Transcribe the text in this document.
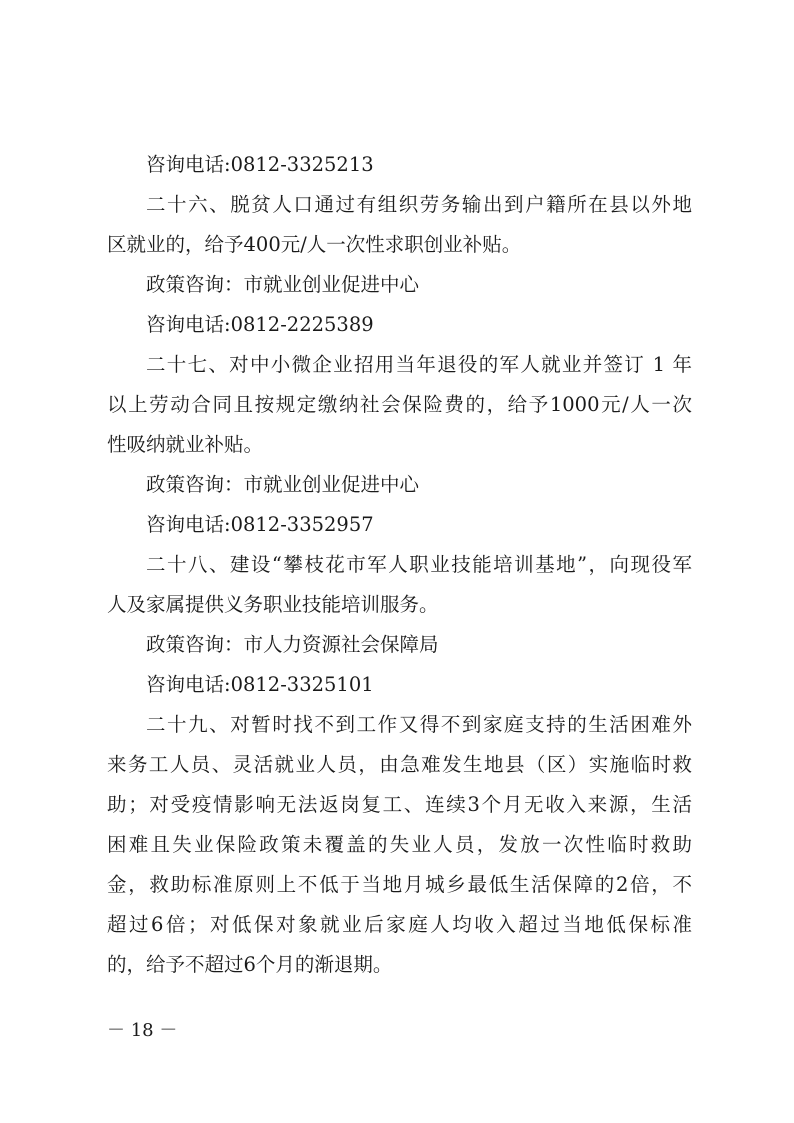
咨询电话:0812-3325213
二十六、脱贫人口通过有组织劳务输出到户籍所在县以外地
区就业的，给予400元/人一次性求职创业补贴。
政策咨询：市就业创业促进中心
咨询电话:0812-2225389
二十七、对中小微企业招用当年退役的军人就业并签订 1 年
以上劳动合同且按规定缴纳社会保险费的，给予1000元/人一次
性吸纳就业补贴。
政策咨询：市就业创业促进中心
咨询电话:0812-3352957
二十八、建设“攀枝花市军人职业技能培训基地”，向现役军
人及家属提供义务职业技能培训服务。
政策咨询：市人力资源社会保障局
咨询电话:0812-3325101
二十九、对暂时找不到工作又得不到家庭支持的生活困难外
来务工人员、灵活就业人员，由急难发生地县（区）实施临时救
助；对受疫情影响无法返岗复工、连续3个月无收入来源，生活
困难且失业保险政策未覆盖的失业人员，发放一次性临时救助
金，救助标准原则上不低于当地月城乡最低生活保障的2倍，不
超过6倍；对低保对象就业后家庭人均收入超过当地低保标准
的，给予不超过6个月的渐退期。
－ 18 －
